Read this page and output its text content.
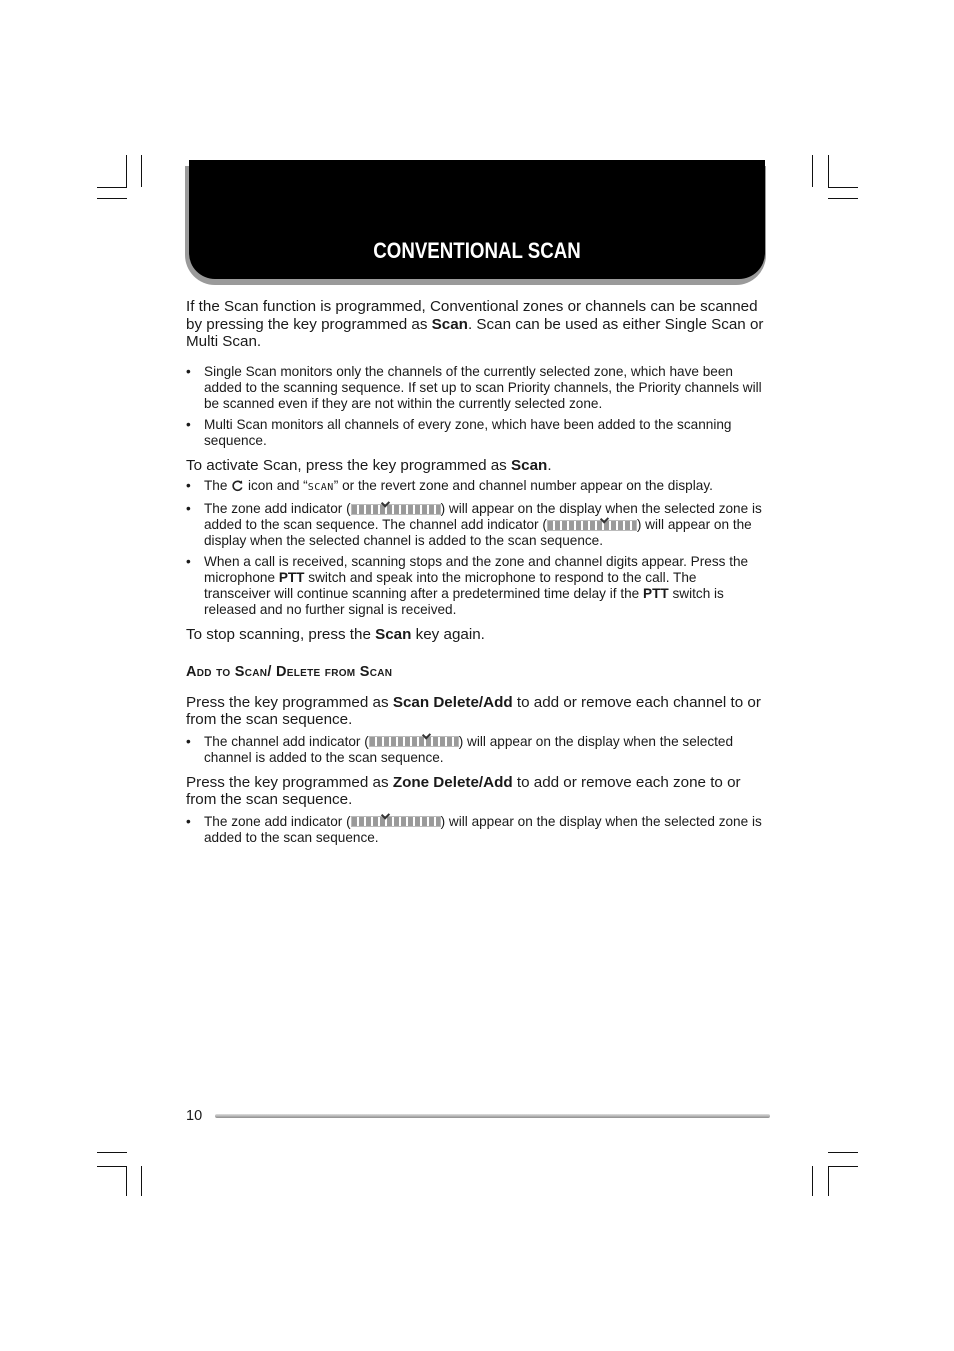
CONVENTIONAL SCAN

If the Scan function is programmed, Conventional zones or channels can be scanned by pressing the key programmed as Scan. Scan can be used as either Single Scan or Multi Scan.

• Single Scan monitors only the channels of the currently selected zone, which have been added to the scanning sequence. If set up to scan Priority channels, the Priority channels will be scanned even if they are not within the currently selected zone.
• Multi Scan monitors all channels of every zone, which have been added to the scanning sequence.

To activate Scan, press the key programmed as Scan.

• The  icon and “SCAN” or the revert zone and channel number appear on the display.
• The zone add indicator (	) will appear on the display when the selected zone is added to the scan sequence. The channel add indicator (	) will appear on the display when the selected channel is added to the scan sequence.
• When a call is received, scanning stops and the zone and channel digits appear. Press the microphone PTT switch and speak into the microphone to respond to the call. The transceiver will continue scanning after a predetermined time delay if the PTT switch is released and no further signal is received.

To stop scanning, press the Scan key again.

Add to Scan/ Delete from Scan

Press the key programmed as Scan Delete/Add to add or remove each channel to or from the scan sequence.

• The channel add indicator (	) will appear on the display when the selected channel is added to the scan sequence.

Press the key programmed as Zone Delete/Add to add or remove each zone to or from the scan sequence.

• The zone add indicator (	) will appear on the display when the selected zone is added to the scan sequence.
10
